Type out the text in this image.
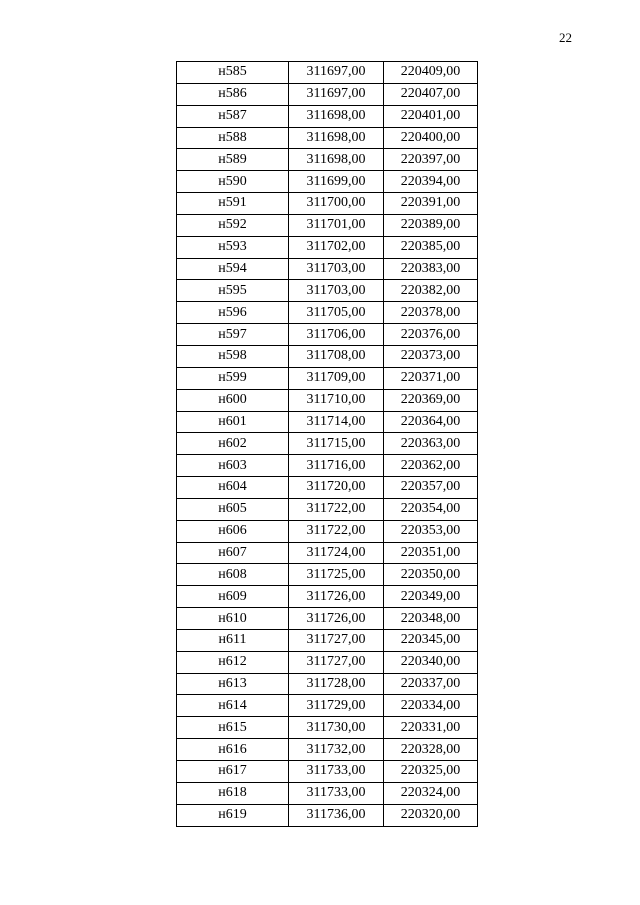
22
н585	311697,00	220409,00
н586	311697,00	220407,00
н587	311698,00	220401,00
н588	311698,00	220400,00
н589	311698,00	220397,00
н590	311699,00	220394,00
н591	311700,00	220391,00
н592	311701,00	220389,00
н593	311702,00	220385,00
н594	311703,00	220383,00
н595	311703,00	220382,00
н596	311705,00	220378,00
н597	311706,00	220376,00
н598	311708,00	220373,00
н599	311709,00	220371,00
н600	311710,00	220369,00
н601	311714,00	220364,00
н602	311715,00	220363,00
н603	311716,00	220362,00
н604	311720,00	220357,00
н605	311722,00	220354,00
н606	311722,00	220353,00
н607	311724,00	220351,00
н608	311725,00	220350,00
н609	311726,00	220349,00
н610	311726,00	220348,00
н611	311727,00	220345,00
н612	311727,00	220340,00
н613	311728,00	220337,00
н614	311729,00	220334,00
н615	311730,00	220331,00
н616	311732,00	220328,00
н617	311733,00	220325,00
н618	311733,00	220324,00
н619	311736,00	220320,00
